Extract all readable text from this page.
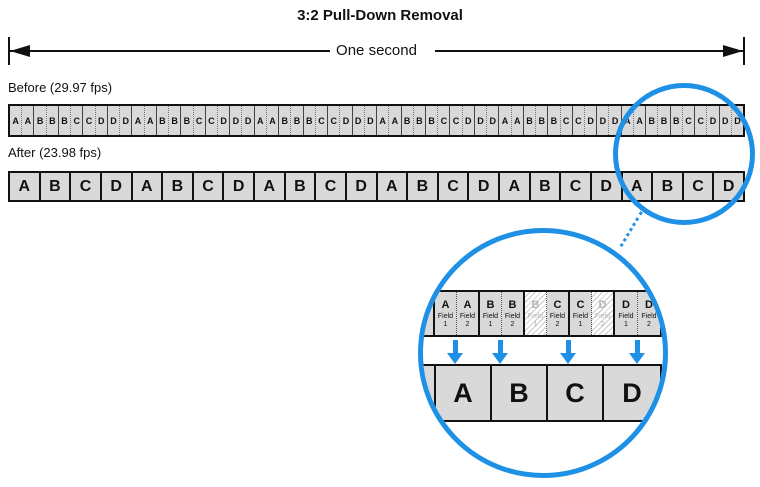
3:2 Pull-Down Removal
One second
Before (29.97 fps)
A A B B B C C D D D A A B B B C C D D D A A B B B C C D D D A A B B B C C D D D A A B B B C C D D D A A B B B C C D D D
After (23.98 fps)
A	B	C	D	A	B	C	D	A	B	C	D	A	B	C	D	A	B	C	D	A	B	C	D
A
Field
1
A
Field
2
B
Field
1
B
Field
2
B
Field
1
C
Field
2
C
Field
1
D
Field
2
D
Field
1
D
Field
2
A	B	C	D
